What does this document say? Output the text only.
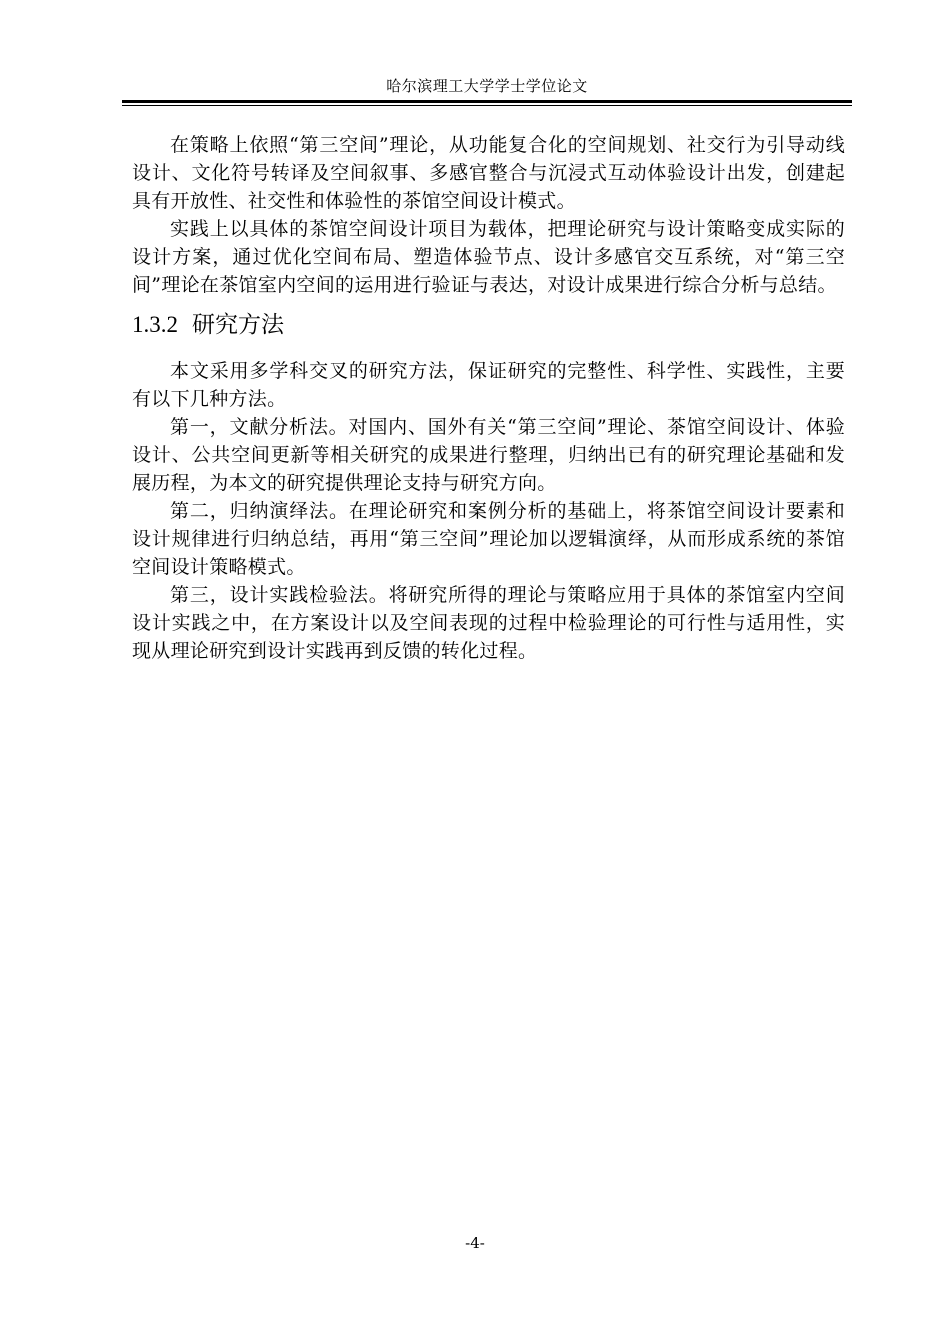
哈尔滨理工大学学士学位论文

在策略上依照“第三空间”理论，从功能复合化的空间规划、社交行为引导动线设计、文化符号转译及空间叙事、多感官整合与沉浸式互动体验设计出发，创建起具有开放性、社交性和体验性的茶馆空间设计模式。

实践上以具体的茶馆空间设计项目为载体，把理论研究与设计策略变成实际的设计方案，通过优化空间布局、塑造体验节点、设计多感官交互系统，对“第三空间”理论在茶馆室内空间的运用进行验证与表达，对设计成果进行综合分析与总结。

1.3.2 研究方法

本文采用多学科交叉的研究方法，保证研究的完整性、科学性、实践性，主要有以下几种方法。

第一，文献分析法。对国内、国外有关“第三空间”理论、茶馆空间设计、体验设计、公共空间更新等相关研究的成果进行整理，归纳出已有的研究理论基础和发展历程，为本文的研究提供理论支持与研究方向。

第二，归纳演绎法。在理论研究和案例分析的基础上，将茶馆空间设计要素和设计规律进行归纳总结，再用“第三空间”理论加以逻辑演绎，从而形成系统的茶馆空间设计策略模式。

第三，设计实践检验法。将研究所得的理论与策略应用于具体的茶馆室内空间设计实践之中，在方案设计以及空间表现的过程中检验理论的可行性与适用性，实现从理论研究到设计实践再到反馈的转化过程。

-4-
